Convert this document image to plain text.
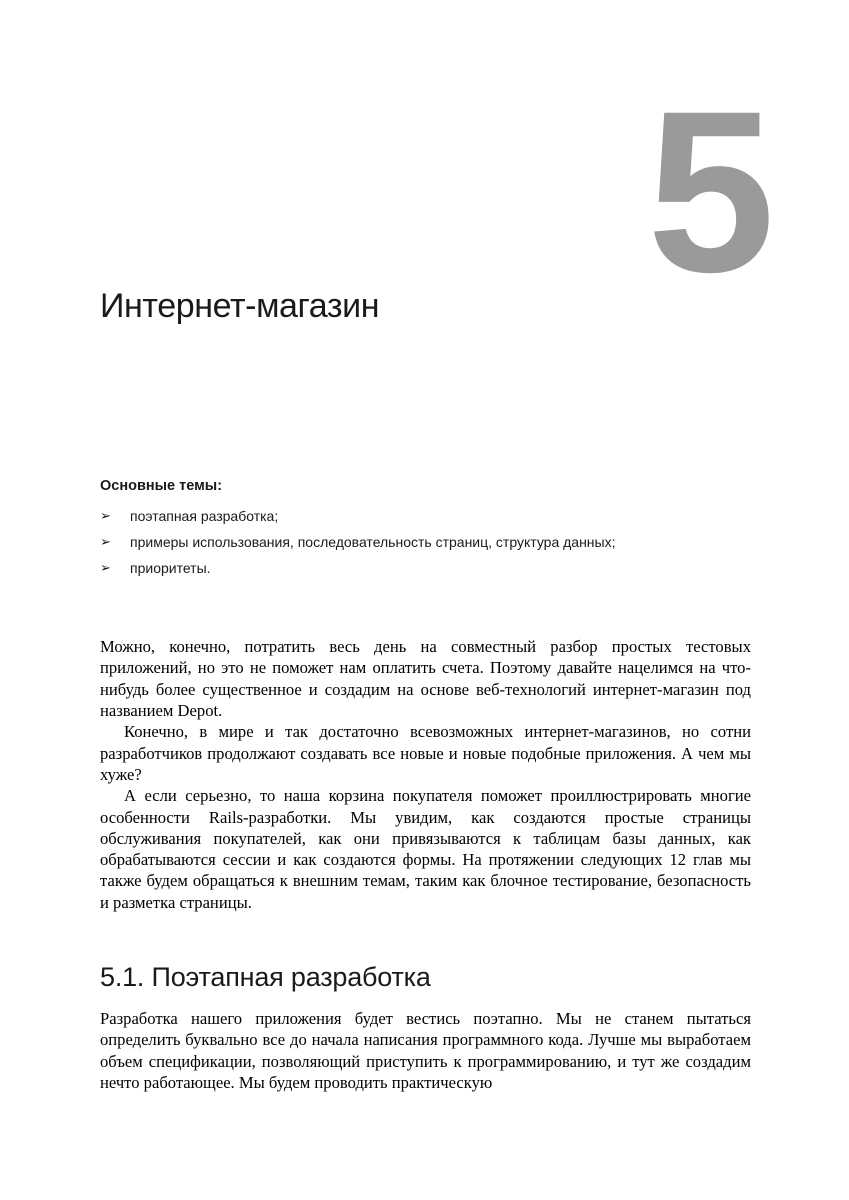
5
Интернет-магазин
Основные темы:
➢	поэтапная разработка;
➢	примеры использования, последовательность страниц, структура данных;
➢	приоритеты.

Можно, конечно, потратить весь день на совместный разбор простых тестовых приложений, но это не поможет нам оплатить счета. Поэтому давайте нацелимся на что-нибудь более существенное и создадим на основе веб-технологий интернет-магазин под названием Depot.

Конечно, в мире и так достаточно всевозможных интернет-магазинов, но сотни разработчиков продолжают создавать все новые и новые подобные приложения. А чем мы хуже?

А если серьезно, то наша корзина покупателя поможет проиллюстрировать многие особенности Rails-разработки. Мы увидим, как создаются простые страницы обслуживания покупателей, как они привязываются к таблицам базы данных, как обрабатываются сессии и как создаются формы. На протяжении следующих 12 глав мы также будем обращаться к внешним темам, таким как блочное тестирование, безопасность и разметка страницы.

5.1. Поэтапная разработка

Разработка нашего приложения будет вестись поэтапно. Мы не станем пытаться определить буквально все до начала написания программного кода. Лучше мы выработаем объем спецификации, позволяющий приступить к программированию, и тут же создадим нечто работающее. Мы будем проводить практическую
